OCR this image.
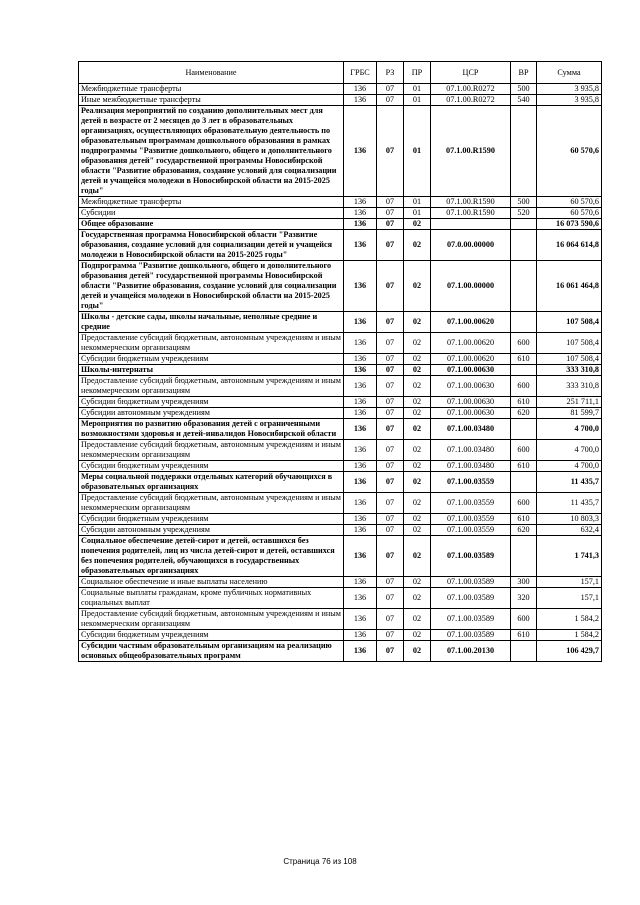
Наименование	ГРБС	РЗ	ПР	ЦСР	ВР	Сумма
Межбюджетные трансферты	136	07	01	07.1.00.R0272	500	3 935,8
Иные межбюджетные трансферты	136	07	01	07.1.00.R0272	540	3 935,8
Реализация мероприятий по созданию дополнительных мест для детей в возрасте от 2 месяцев до 3 лет в образовательных организациях, осуществляющих образовательную деятельность по образовательным программам дошкольного образования в рамках подпрограммы "Развитие дошкольного, общего и дополнительного образования детей" государственной программы Новосибирской области "Развитие образования, создание условий для социализации детей и учащейся молодежи в Новосибирской области на 2015-2025 годы"	136	07	01	07.1.00.R1590		60 570,6
Межбюджетные трансферты	136	07	01	07.1.00.R1590	500	60 570,6
Субсидии	136	07	01	07.1.00.R1590	520	60 570,6
Общее образование	136	07	02			16 073 590,6
Государственная программа Новосибирской области "Развитие образования, создание условий для социализации детей и учащейся молодежи в Новосибирской области на 2015-2025 годы"	136	07	02	07.0.00.00000		16 064 614,8
Подпрограмма "Развитие дошкольного, общего и дополнительного образования детей" государственной программы Новосибирской области "Развитие образования, создание условий для социализации детей и учащейся молодежи в Новосибирской области на 2015-2025 годы"	136	07	02	07.1.00.00000		16 061 464,8
Школы - детские сады, школы начальные, неполные средние и средние	136	07	02	07.1.00.00620		107 508,4
Предоставление субсидий бюджетным, автономным учреждениям и иным некоммерческим организациям	136	07	02	07.1.00.00620	600	107 508,4
Субсидии бюджетным учреждениям	136	07	02	07.1.00.00620	610	107 508,4
Школы-интернаты	136	07	02	07.1.00.00630		333 310,8
Предоставление субсидий бюджетным, автономным учреждениям и иным некоммерческим организациям	136	07	02	07.1.00.00630	600	333 310,8
Субсидии бюджетным учреждениям	136	07	02	07.1.00.00630	610	251 711,1
Субсидии автономным учреждениям	136	07	02	07.1.00.00630	620	81 599,7
Мероприятия по развитию образования детей с ограниченными возможностями здоровья и детей-инвалидов Новосибирской области	136	07	02	07.1.00.03480		4 700,0
Предоставление субсидий бюджетным, автономным учреждениям и иным некоммерческим организациям	136	07	02	07.1.00.03480	600	4 700,0
Субсидии бюджетным учреждениям	136	07	02	07.1.00.03480	610	4 700,0
Меры социальной поддержки отдельных категорий обучающихся в образовательных организациях	136	07	02	07.1.00.03559		11 435,7
Предоставление субсидий бюджетным, автономным учреждениям и иным некоммерческим организациям	136	07	02	07.1.00.03559	600	11 435,7
Субсидии бюджетным учреждениям	136	07	02	07.1.00.03559	610	10 803,3
Субсидии автономным учреждениям	136	07	02	07.1.00.03559	620	632,4
Социальное обеспечение детей-сирот и детей, оставшихся без попечения родителей, лиц из числа детей-сирот и детей, оставшихся без попечения родителей, обучающихся в государственных образовательных организациях	136	07	02	07.1.00.03589		1 741,3
Социальное обеспечение и иные выплаты населению	136	07	02	07.1.00.03589	300	157,1
Социальные выплаты гражданам, кроме публичных нормативных социальных выплат	136	07	02	07.1.00.03589	320	157,1
Предоставление субсидий бюджетным, автономным учреждениям и иным некоммерческим организациям	136	07	02	07.1.00.03589	600	1 584,2
Субсидии бюджетным учреждениям	136	07	02	07.1.00.03589	610	1 584,2
Субсидии частным образовательным организациям на реализацию основных общеобразовательных программ	136	07	02	07.1.00.20130		106 429,7
Страница 76 из 108
